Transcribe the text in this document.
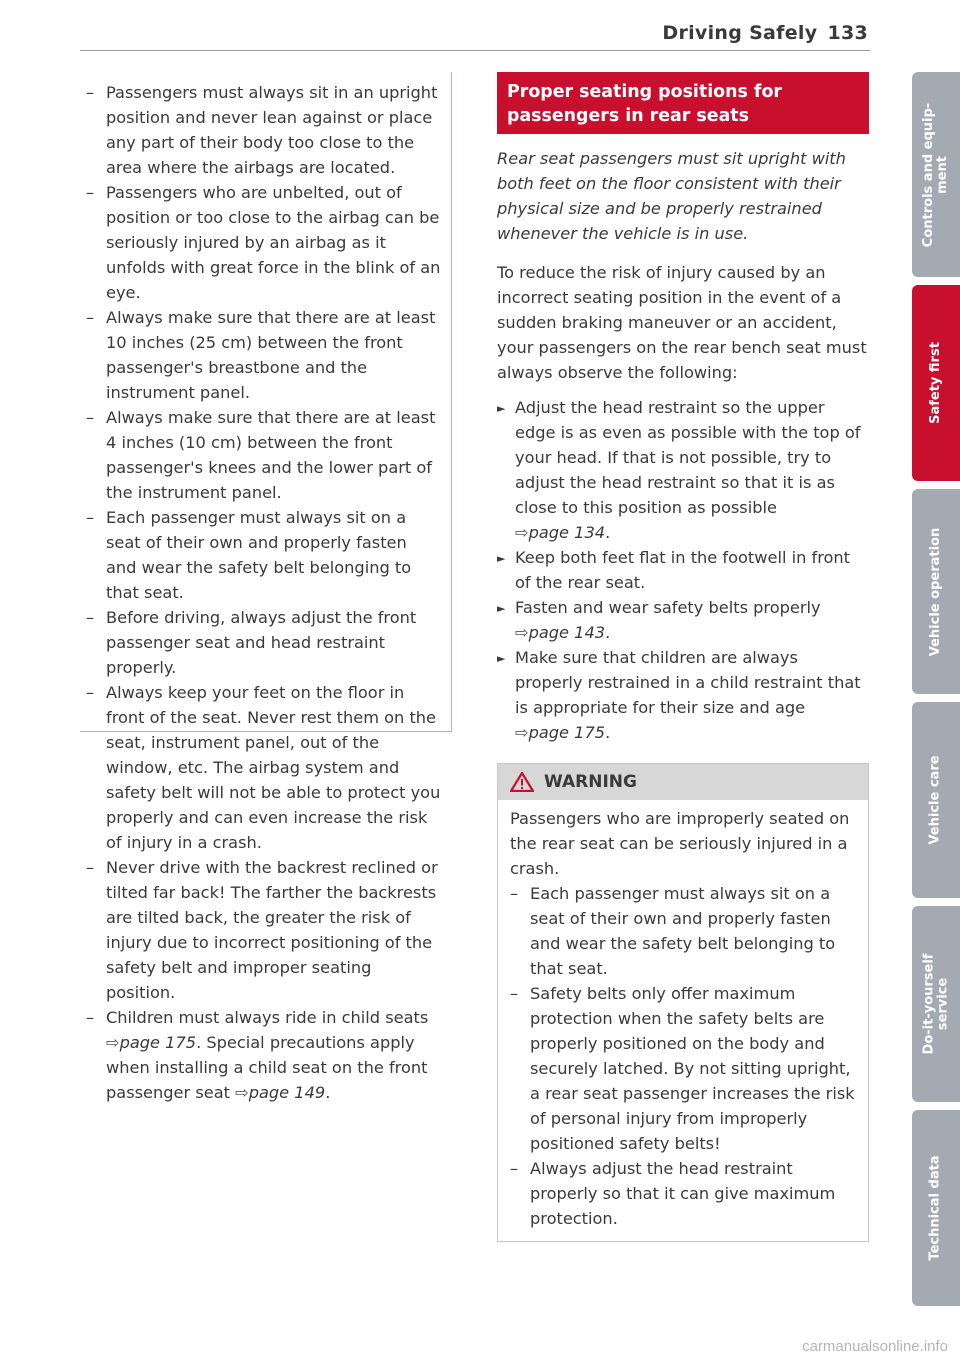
Driving Safely 133
– Passengers must always sit in an upright position and never lean against or place any part of their body too close to the area where the airbags are located.
– Passengers who are unbelted, out of position or too close to the airbag can be seriously injured by an airbag as it unfolds with great force in the blink of an eye.
– Always make sure that there are at least 10 inches (25 cm) between the front passenger's breastbone and the instrument panel.
– Always make sure that there are at least 4 inches (10 cm) between the front passenger's knees and the lower part of the instrument panel.
– Each passenger must always sit on a seat of their own and properly fasten and wear the safety belt belonging to that seat.
– Before driving, always adjust the front passenger seat and head restraint properly.
– Always keep your feet on the floor in front of the seat. Never rest them on the seat, instrument panel, out of the window, etc. The airbag system and safety belt will not be able to protect you properly and can even increase the risk of injury in a crash.
– Never drive with the backrest reclined or tilted far back! The farther the backrests are tilted back, the greater the risk of injury due to incorrect positioning of the safety belt and improper seating position.
– Children must always ride in child seats ⇨page 175. Special precautions apply when installing a child seat on the front passenger seat ⇨page 149.
Proper seating positions for passengers in rear seats

Rear seat passengers must sit upright with both feet on the floor consistent with their physical size and be properly restrained whenever the vehicle is in use.

To reduce the risk of injury caused by an incorrect seating position in the event of a sudden braking maneuver or an accident, your passengers on the rear bench seat must always observe the following:

► Adjust the head restraint so the upper edge is as even as possible with the top of your head. If that is not possible, try to adjust the head restraint so that it is as close to this position as possible ⇨page 134.
► Keep both feet flat in the footwell in front of the rear seat.
► Fasten and wear safety belts properly ⇨page 143.
► Make sure that children are always properly restrained in a child restraint that is appropriate for their size and age ⇨page 175.
WARNING

Passengers who are improperly seated on the rear seat can be seriously injured in a crash.

– Each passenger must always sit on a seat of their own and properly fasten and wear the safety belt belonging to that seat.
– Safety belts only offer maximum protection when the safety belts are properly positioned on the body and securely latched. By not sitting upright, a rear seat passenger increases the risk of personal injury from improperly positioned safety belts!
– Always adjust the head restraint properly so that it can give maximum protection.
Controls and equip-
ment
Safety first
Vehicle operation
Vehicle care
Do-it-yourself
service
Technical data
carmanualsonline.info
